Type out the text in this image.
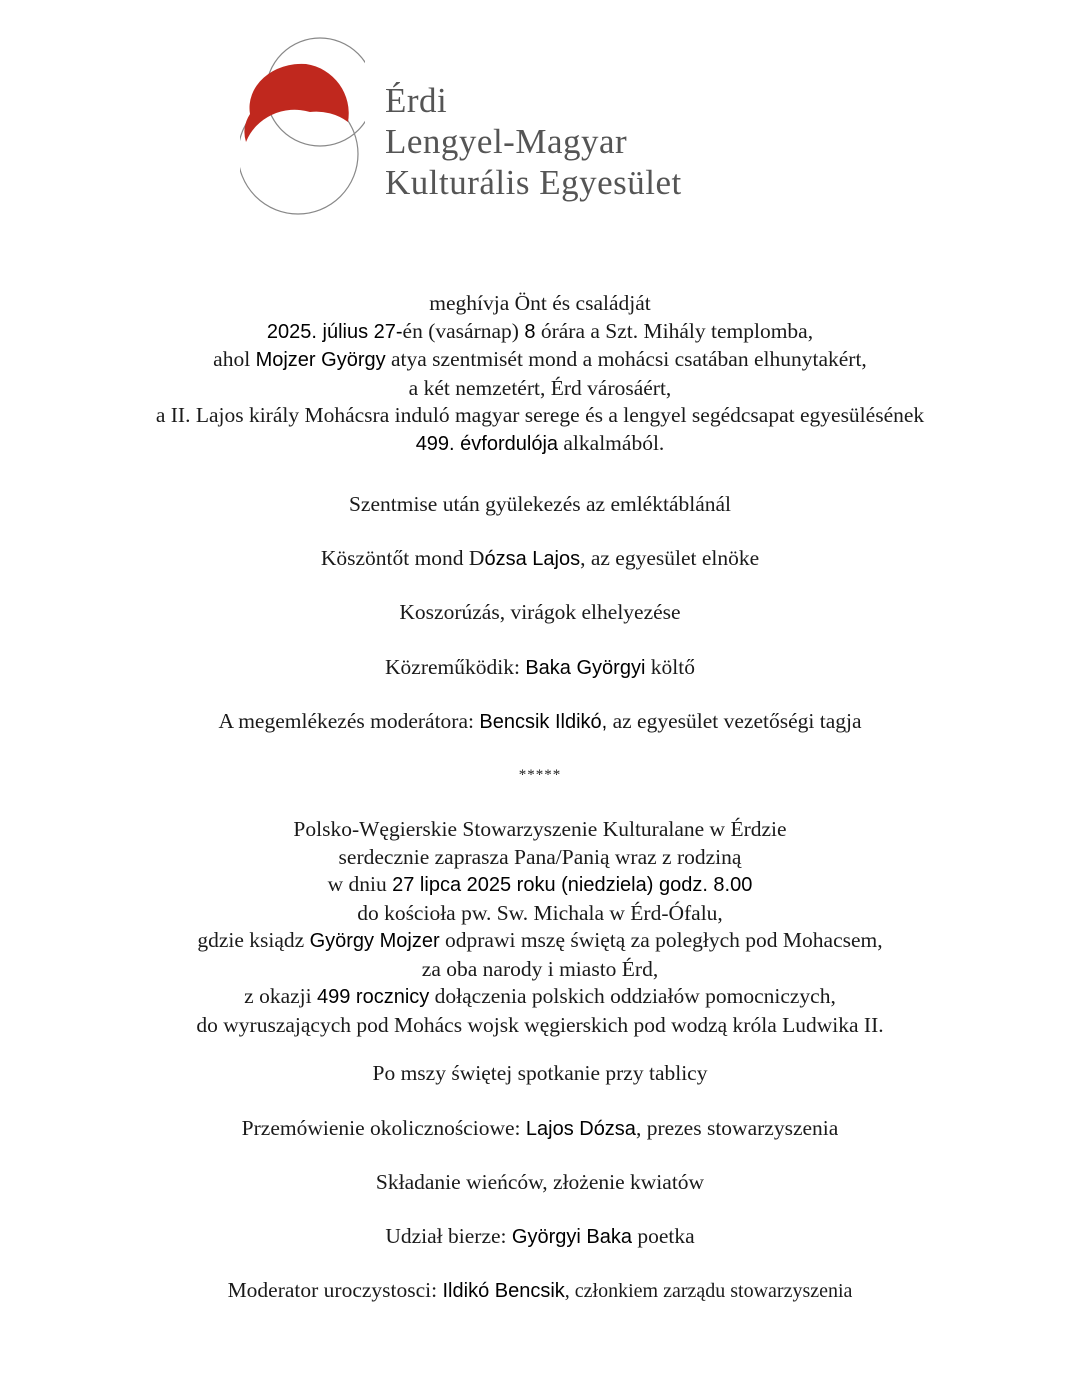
Érdi
Lengyel-Magyar
Kulturális Egyesület
meghívja Önt és családját
2025. július 27-én (vasárnap) 8 órára a Szt. Mihály templomba,
ahol Mojzer György atya szentmisét mond a mohácsi csatában elhunytakért,
a két nemzetért, Érd városáért,
a II. Lajos király Mohácsra induló magyar serege és a lengyel segédcsapat egyesülésének
499. évfordulója alkalmából.
Szentmise után gyülekezés az emléktáblánál
Köszöntőt mond Dózsa Lajos, az egyesület elnöke
Koszorúzás, virágok elhelyezése
Közreműködik: Baka Györgyi költő
A megemlékezés moderátora: Bencsik Ildikó, az egyesület vezetőségi tagja
*****
Polsko-Węgierskie Stowarzyszenie Kulturalane w Érdzie
serdecznie zaprasza Pana/Panią wraz z rodziną
w dniu 27 lipca 2025 roku (niedziela) godz. 8.00
do kościoła pw. Sw. Michala w Érd-Ófalu,
gdzie ksiądz György Mojzer odprawi mszę świętą za poległych pod Mohacsem,
za oba narody i miasto Érd,
z okazji 499 rocznicy dołączenia polskich oddziałów pomocniczych,
do wyruszających pod Mohács wojsk węgierskich pod wodzą króla Ludwika II.
Po mszy świętej spotkanie przy tablicy
Przemówienie okolicznościowe: Lajos Dózsa, prezes stowarzyszenia
Składanie wieńców, złożenie kwiatów
Udział bierze: Györgyi Baka poetka
Moderator uroczystosci: Ildikó Bencsik, członkiem zarządu stowarzyszenia
